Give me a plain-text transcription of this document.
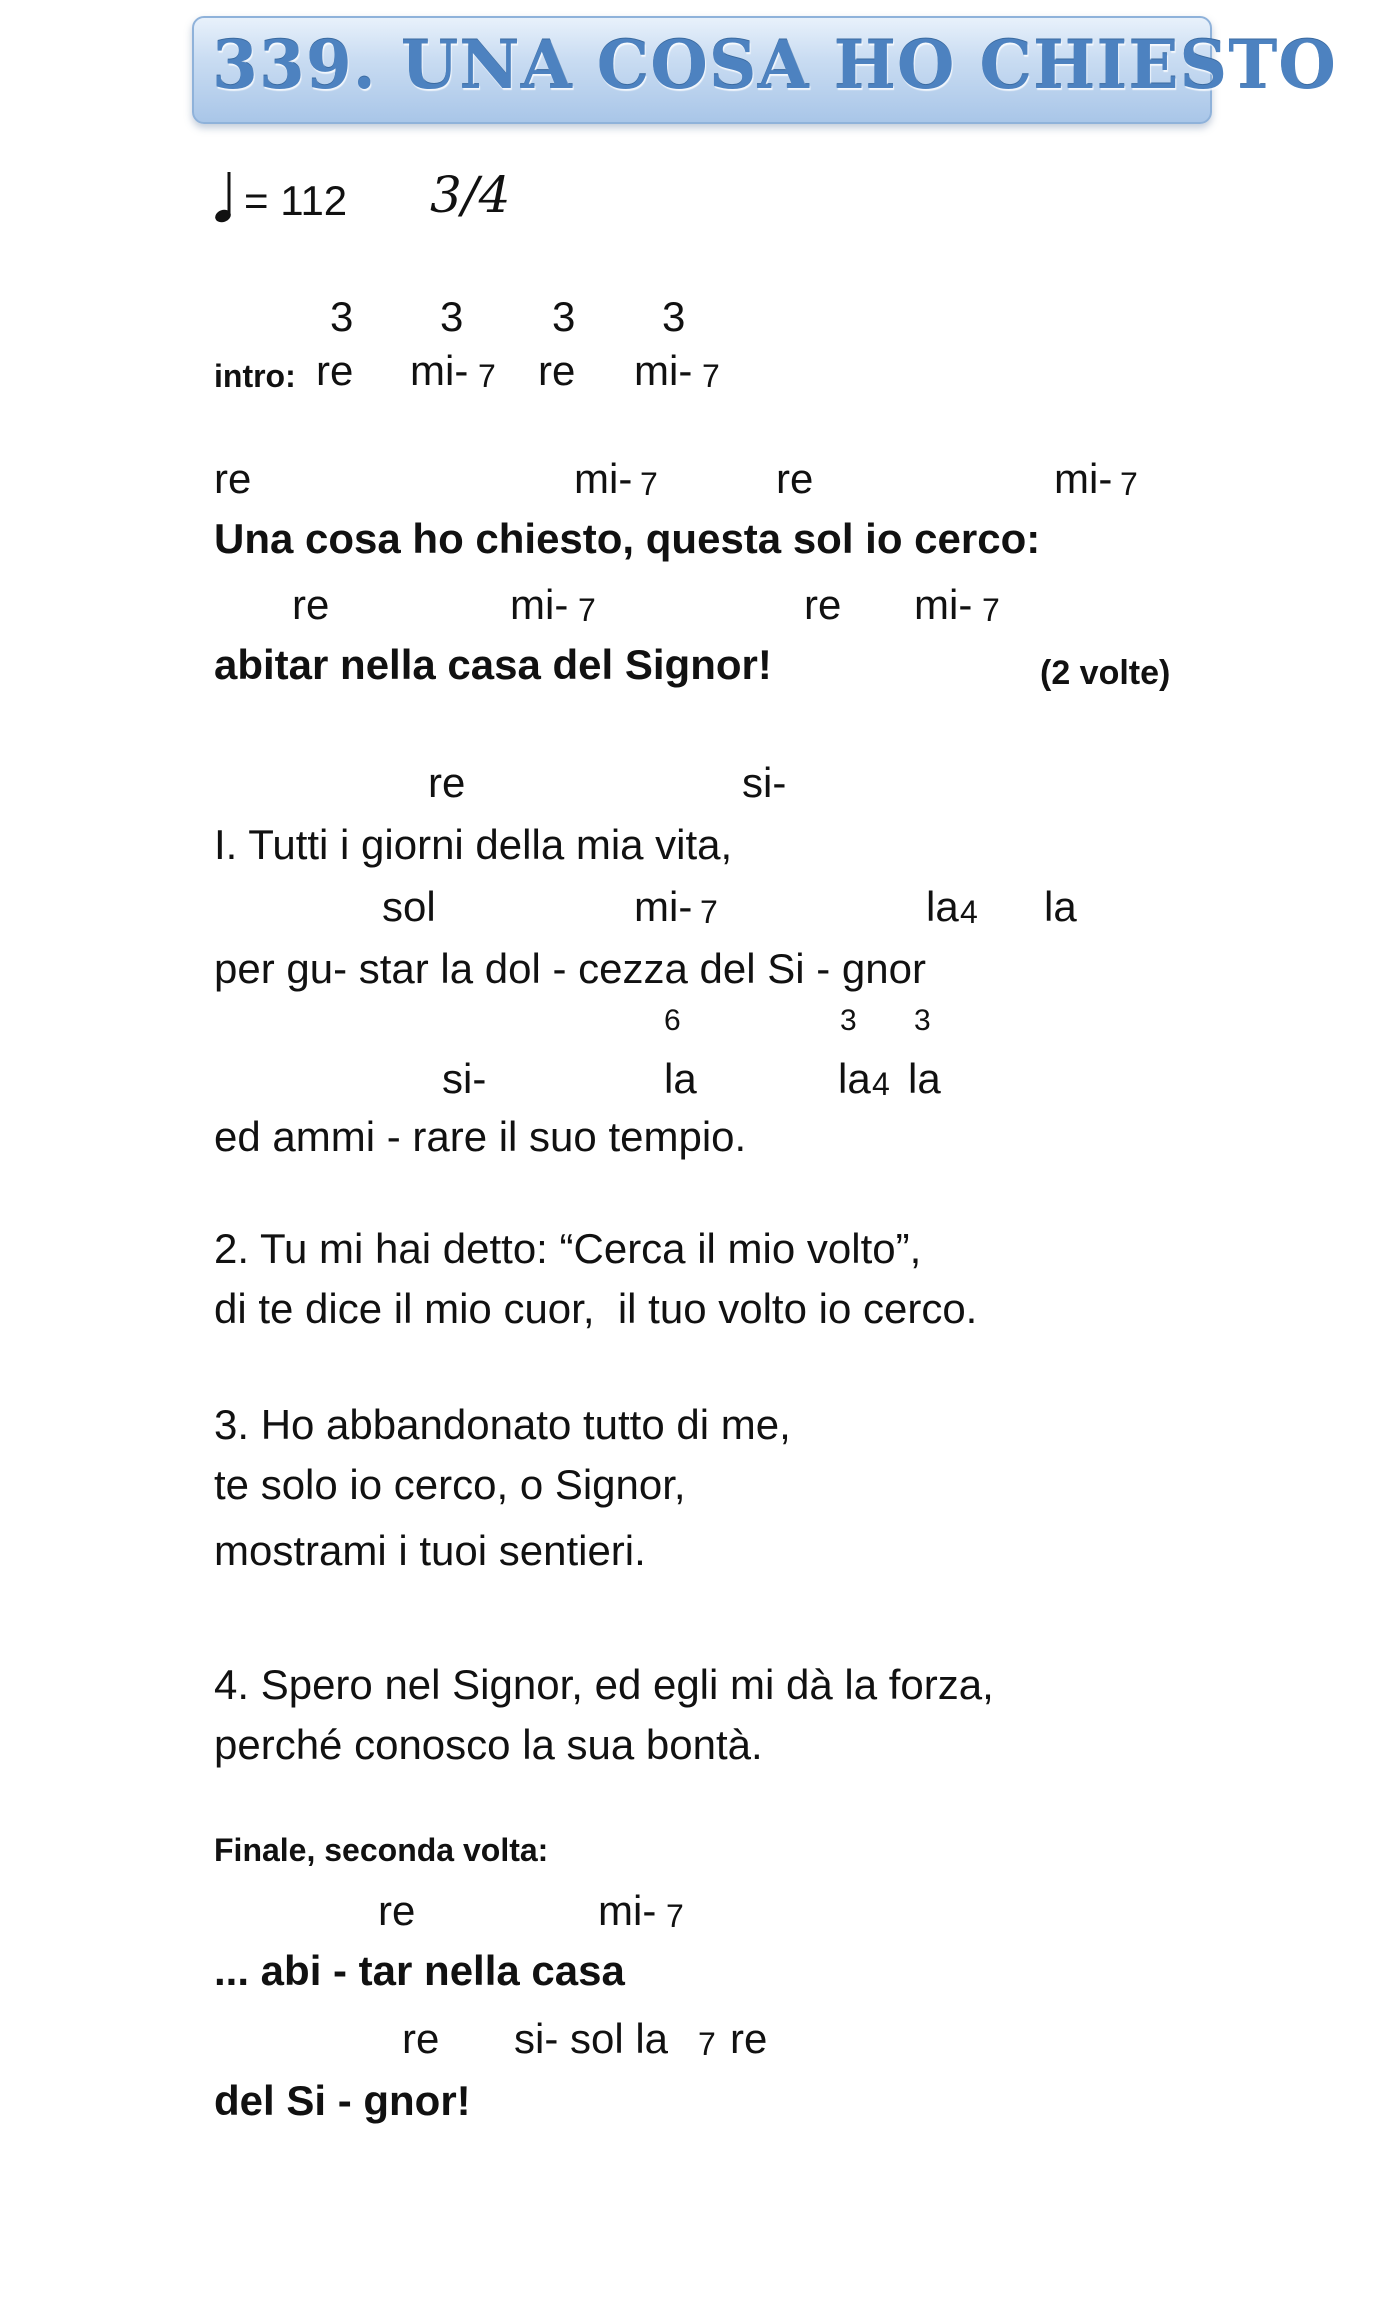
339. UNA COSA HO CHIESTO
= 112 3/4
3 3 3 3
intro: re mi- 7 re mi- 7
re	mi- 7	re	mi- 7
Una cosa ho chiesto, questa sol io cerco:
re	mi- 7	re mi- 7
abitar nella casa del Signor!	(2 volte)
re	si-
I. Tutti i giorni della mia vita,
sol	mi- 7	la 4 la
per gu- star la dol - cezza del Si - gnor
6	3 3
si-	la	la 4 la
ed ammi - rare il suo tempio.
2. Tu mi hai detto: “Cerca il mio volto”,
di te dice il mio cuor,  il tuo volto io cerco.
3. Ho abbandonato tutto di me,
te solo io cerco, o Signor,
mostrami i tuoi sentieri.
4. Spero nel Signor, ed egli mi dà la forza,
perché conosco la sua bontà.
Finale, seconda volta:
re	mi- 7
... abi - tar nella casa
re si- sol la 7 re
del Si - gnor!
